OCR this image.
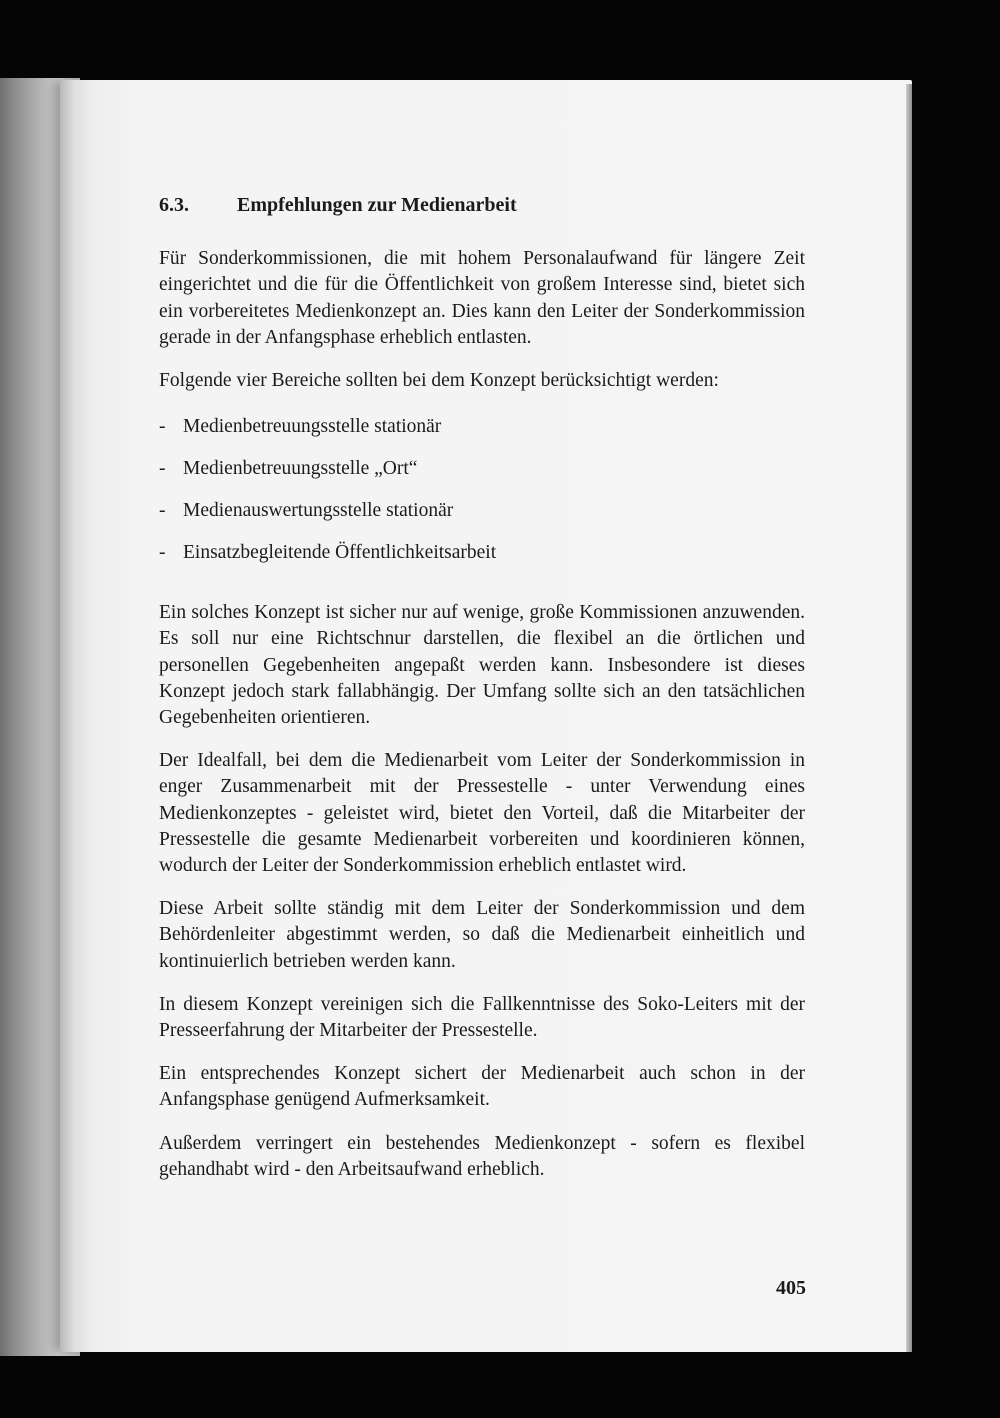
6.3. Empfehlungen zur Medienarbeit

Für Sonderkommissionen, die mit hohem Personalaufwand für längere Zeit eingerichtet und die für die Öffentlichkeit von großem Interesse sind, bietet sich ein vorbereitetes Medienkonzept an. Dies kann den Leiter der Sonderkommission gerade in der Anfangsphase erheblich entlasten.

Folgende vier Bereiche sollten bei dem Konzept berücksichtigt werden:

- Medienbetreuungsstelle stationär
- Medienbetreuungsstelle „Ort“
- Medienauswertungsstelle stationär
- Einsatzbegleitende Öffentlichkeitsarbeit

Ein solches Konzept ist sicher nur auf wenige, große Kommissionen anzuwenden. Es soll nur eine Richtschnur darstellen, die flexibel an die örtlichen und personellen Gegebenheiten angepaßt werden kann. Insbesondere ist dieses Konzept jedoch stark fallabhängig. Der Umfang sollte sich an den tatsächlichen Gegebenheiten orientieren.

Der Idealfall, bei dem die Medienarbeit vom Leiter der Sonderkommission in enger Zusammenarbeit mit der Pressestelle - unter Verwendung eines Medienkonzeptes - geleistet wird, bietet den Vorteil, daß die Mitarbeiter der Pressestelle die gesamte Medienarbeit vorbereiten und koordinieren können, wodurch der Leiter der Sonderkommission erheblich entlastet wird.

Diese Arbeit sollte ständig mit dem Leiter der Sonderkommission und dem Behördenleiter abgestimmt werden, so daß die Medienarbeit einheitlich und kontinuierlich betrieben werden kann.

In diesem Konzept vereinigen sich die Fallkenntnisse des Soko-Leiters mit der Presseerfahrung der Mitarbeiter der Pressestelle.

Ein entsprechendes Konzept sichert der Medienarbeit auch schon in der Anfangsphase genügend Aufmerksamkeit.

Außerdem verringert ein bestehendes Medienkonzept - sofern es flexibel gehandhabt wird - den Arbeitsaufwand erheblich.

405
